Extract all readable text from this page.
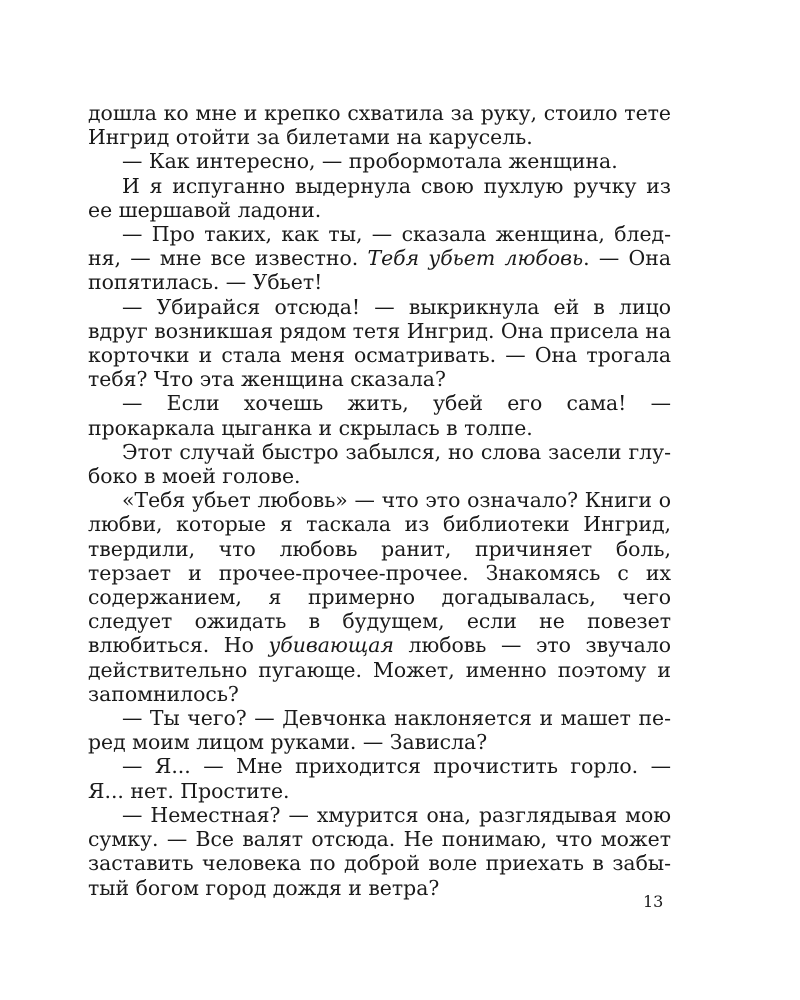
дошла ко мне и крепко схватила за руку, стоило тете Ингрид отойти за билетами на карусель.

— Как интересно, — пробормотала женщина.

И я испуганно выдернула свою пухлую ручку из ее шершавой ладони.

— Про таких, как ты, — сказала женщина, бледня, — мне все известно. Тебя убьет любовь. — Она попятилась. — Убьет!

— Убирайся отсюда! — выкрикнула ей в лицо вдруг возникшая рядом тетя Ингрид. Она присела на корточки и стала меня осматривать. — Она трогала тебя? Что эта женщина сказала?

— Если хочешь жить, убей его сама! — прокаркала цыганка и скрылась в толпе.

Этот случай быстро забылся, но слова засели глубоко в моей голове.

«Тебя убьет любовь» — что это означало? Книги о любви, которые я таскала из библиотеки Ингрид, твердили, что любовь ранит, причиняет боль, терзает и прочее-прочее-прочее. Знакомясь с их содержанием, я примерно догадывалась, чего следует ожидать в будущем, если не повезет влюбиться. Но убивающая любовь — это звучало действительно пугающе. Может, именно поэтому и запомнилось?

— Ты чего? — Девчонка наклоняется и машет перед моим лицом руками. — Зависла?

— Я... — Мне приходится прочистить горло. — Я... нет. Простите.

— Неместная? — хмурится она, разглядывая мою сумку. — Все валят отсюда. Не понимаю, что может заставить человека по доброй воле приехать в забытый богом город дождя и ветра?

13
